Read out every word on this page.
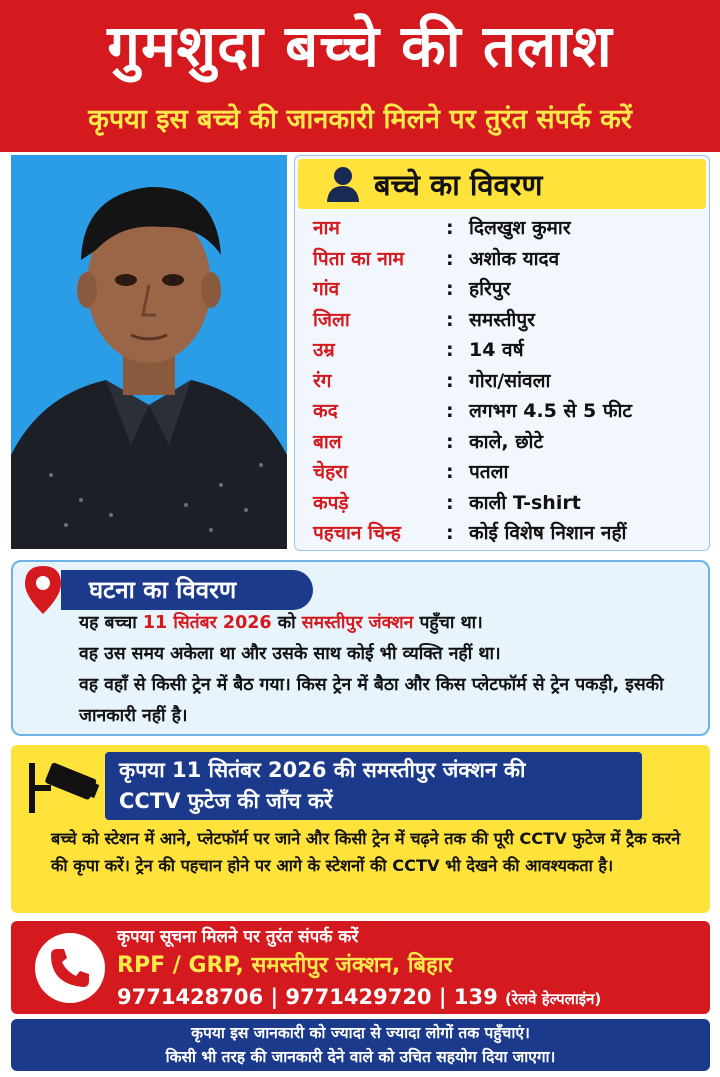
गुमशुदा बच्चे की तलाश
कृपया इस बच्चे की जानकारी मिलने पर तुरंत संपर्क करें
बच्चे का विवरण
नाम	: दिलखुश कुमार
पिता का नाम : अशोक यादव
गांव	: हरिपुर
जिला	: समस्तीपुर
उम्र	: 14 वर्ष
रंग	: गोरा/सांवला
कद	: लगभग 4.5 से 5 फीट
बाल	: काले, छोटे
चेहरा	: पतला
कपड़े	: काली T-shirt
पहचान चिन्ह : कोई विशेष निशान नहीं
घटना का विवरण
यह बच्चा 11 सितंबर 2026 को समस्तीपुर जंक्शन पहुँचा था।
वह उस समय अकेला था और उसके साथ कोई भी व्यक्ति नहीं था।
वह वहाँ से किसी ट्रेन में बैठ गया। किस ट्रेन में बैठा और किस प्लेटफॉर्म से ट्रेन पकड़ी, इसकी जानकारी नहीं है।
कृपया 11 सितंबर 2026 की समस्तीपुर जंक्शन की
CCTV फुटेज की जाँच करें
बच्चे को स्टेशन में आने, प्लेटफॉर्म पर जाने और किसी ट्रेन में चढ़ने तक की पूरी CCTV फुटेज में ट्रैक करने की कृपा करें। ट्रेन की पहचान होने पर आगे के स्टेशनों की CCTV भी देखने की आवश्यकता है।
कृपया सूचना मिलने पर तुरंत संपर्क करें
RPF / GRP, समस्तीपुर जंक्शन, बिहार
9771428706 | 9771429720 | 139 (रेलवे हेल्पलाइंन)
कृपया इस जानकारी को ज्यादा से ज्यादा लोगों तक पहुँचाएं।
किसी भी तरह की जानकारी देने वाले को उचित सहयोग दिया जाएगा।
